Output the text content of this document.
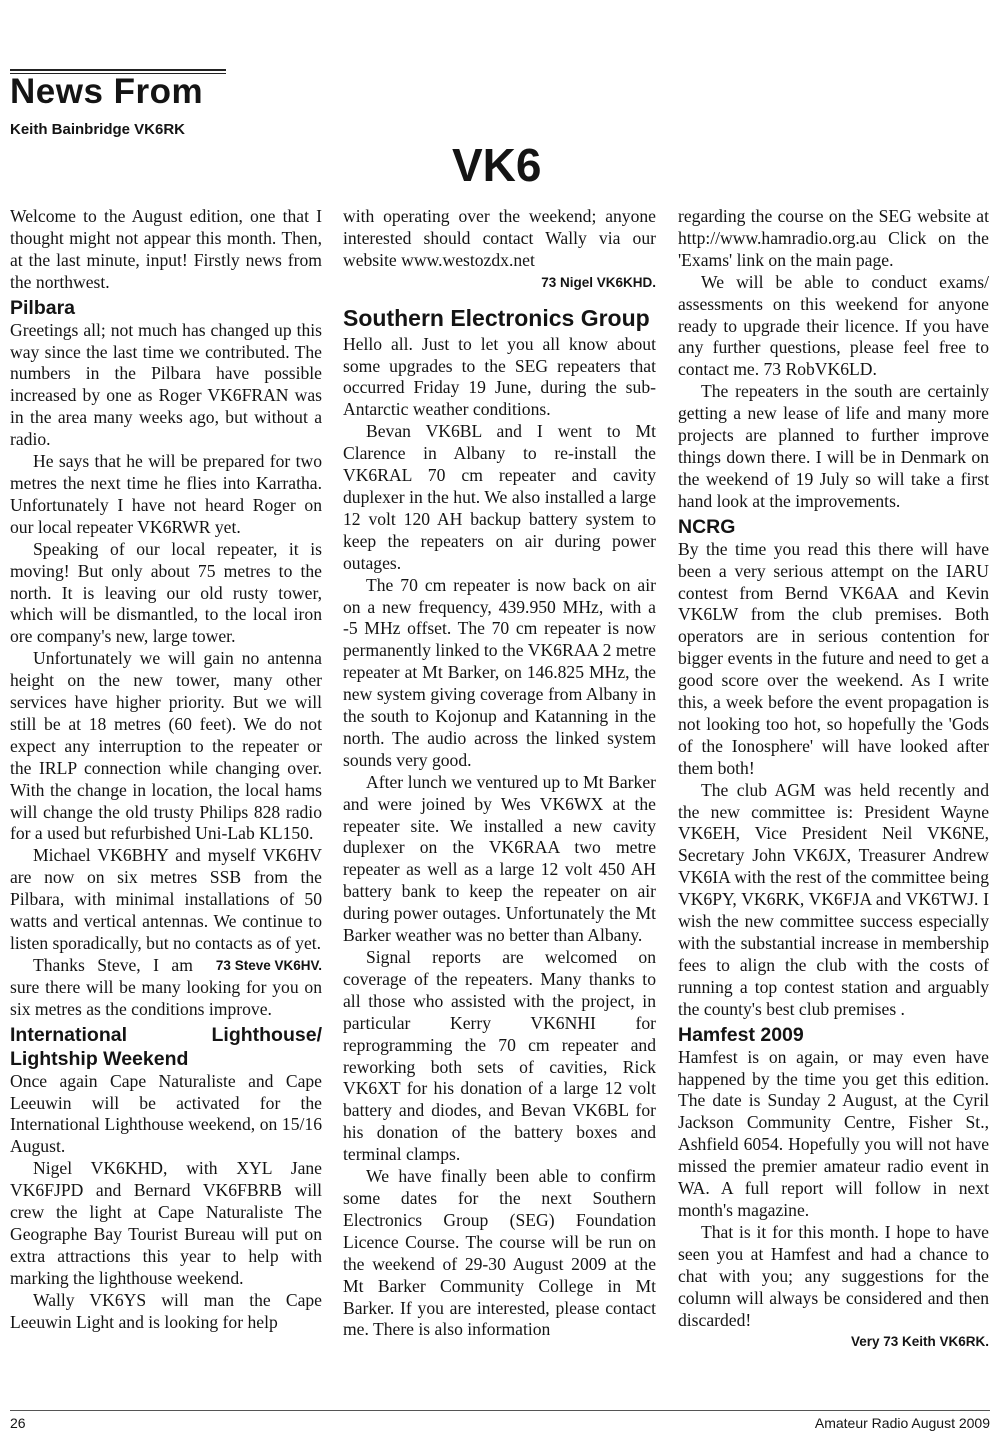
News From
Keith Bainbridge VK6RK
VK6

Welcome to the August edition, one that I thought might not appear this month. Then, at the last minute, input! Firstly news from the northwest.

Pilbara

Greetings all; not much has changed up this way since the last time we contributed. The numbers in the Pilbara have possible increased by one as Roger VK6FRAN was in the area many weeks ago, but without a radio.

He says that he will be prepared for two metres the next time he flies into Karratha. Unfortunately I have not heard Roger on our local repeater VK6RWR yet.

Speaking of our local repeater, it is moving! But only about 75 metres to the north. It is leaving our old rusty tower, which will be dismantled, to the local iron ore company's new, large tower.

Unfortunately we will gain no antenna height on the new tower, many other services have higher priority. But we will still be at 18 metres (60 feet). We do not expect any interruption to the repeater or the IRLP connection while changing over. With the change in location, the local hams will change the old trusty Philips 828 radio for a used but refurbished Uni-Lab KL150.

Michael VK6BHY and myself VK6HV are now on six metres SSB from the Pilbara, with minimal installations of 50 watts and vertical antennas. We continue to listen sporadically, but no contacts as of yet.
73 Steve VK6HV.

Thanks Steve, I am sure there will be many looking for you on six metres as the conditions improve.

International Lighthouse/ Lightship Weekend

Once again Cape Naturaliste and Cape Leeuwin will be activated for the International Lighthouse weekend, on 15/16 August.

Nigel VK6KHD, with XYL Jane VK6FJPD and Bernard VK6FBRB will crew the light at Cape Naturaliste The Geographe Bay Tourist Bureau will put on extra attractions this year to help with marking the lighthouse weekend.

Wally VK6YS will man the Cape Leeuwin Light and is looking for help

with operating over the weekend; anyone interested should contact Wally via our website www.westozdx.net

73 Nigel VK6KHD.

Southern Electronics Group

Hello all. Just to let you all know about some upgrades to the SEG repeaters that occurred Friday 19 June, during the sub-Antarctic weather conditions.

Bevan VK6BL and I went to Mt Clarence in Albany to re-install the VK6RAL 70 cm repeater and cavity duplexer in the hut. We also installed a large 12 volt 120 AH backup battery system to keep the repeaters on air during power outages.

The 70 cm repeater is now back on air on a new frequency, 439.950 MHz, with a -5 MHz offset. The 70 cm repeater is now permanently linked to the VK6RAA 2 metre repeater at Mt Barker, on 146.825 MHz, the new system giving coverage from Albany in the south to Kojonup and Katanning in the north. The audio across the linked system sounds very good.

After lunch we ventured up to Mt Barker and were joined by Wes VK6WX at the repeater site. We installed a new cavity duplexer on the VK6RAA two metre repeater as well as a large 12 volt 450 AH battery bank to keep the repeater on air during power outages. Unfortunately the Mt Barker weather was no better than Albany.

Signal reports are welcomed on coverage of the repeaters. Many thanks to all those who assisted with the project, in particular Kerry VK6NHI for reprogramming the 70 cm repeater and reworking both sets of cavities, Rick VK6XT for his donation of a large 12 volt battery and diodes, and Bevan VK6BL for his donation of the battery boxes and terminal clamps.

We have finally been able to confirm some dates for the next Southern Electronics Group (SEG) Foundation Licence Course. The course will be run on the weekend of 29-30 August 2009 at the Mt Barker Community College in Mt Barker. If you are interested, please contact me. There is also information

regarding the course on the SEG website at http://www.hamradio.org.au Click on the 'Exams' link on the main page.

We will be able to conduct exams/ assessments on this weekend for anyone ready to upgrade their licence. If you have any further questions, please feel free to contact me. 73 RobVK6LD.

The repeaters in the south are certainly getting a new lease of life and many more projects are planned to further improve things down there. I will be in Denmark on the weekend of 19 July so will take a first hand look at the improvements.

NCRG

By the time you read this there will have been a very serious attempt on the IARU contest from Bernd VK6AA and Kevin VK6LW from the club premises. Both operators are in serious contention for bigger events in the future and need to get a good score over the weekend. As I write this, a week before the event propagation is not looking too hot, so hopefully the 'Gods of the Ionosphere' will have looked after them both!

The club AGM was held recently and the new committee is: President Wayne VK6EH, Vice President Neil VK6NE, Secretary John VK6JX, Treasurer Andrew VK6IA with the rest of the committee being VK6PY, VK6RK, VK6FJA and VK6TWJ. I wish the new committee success especially with the substantial increase in membership fees to align the club with the costs of running a top contest station and arguably the county's best club premises .

Hamfest 2009

Hamfest is on again, or may even have happened by the time you get this edition. The date is Sunday 2 August, at the Cyril Jackson Community Centre, Fisher St., Ashfield 6054. Hopefully you will not have missed the premier amateur radio event in WA. A full report will follow in next month's magazine.

That is it for this month. I hope to have seen you at Hamfest and had a chance to chat with you; any suggestions for the column will always be considered and then discarded!

Very 73 Keith VK6RK.

26	Amateur Radio August 2009
